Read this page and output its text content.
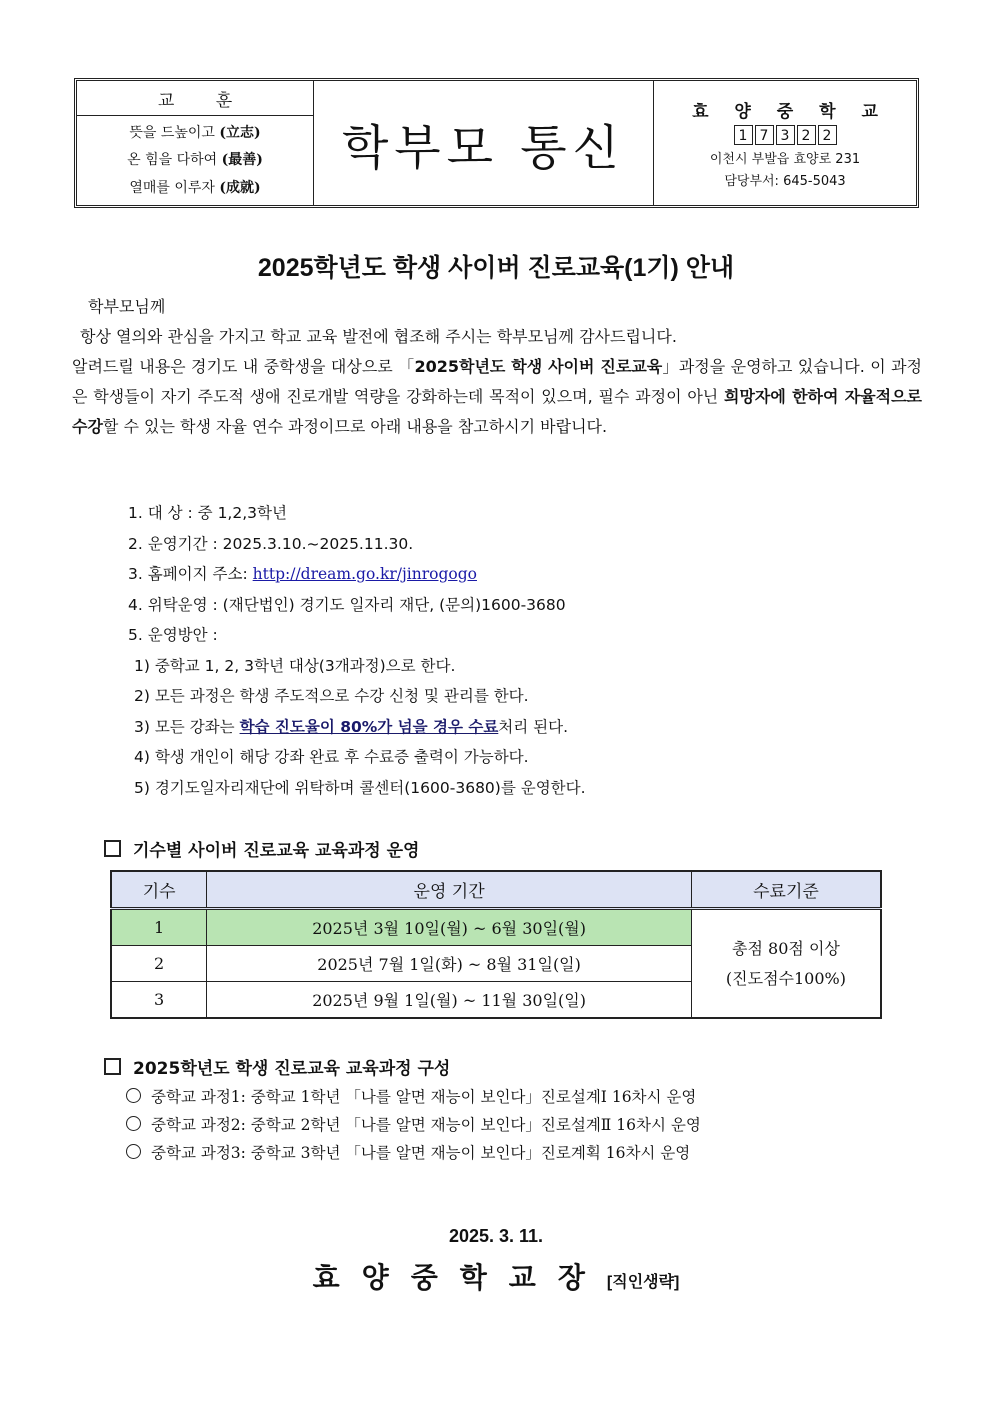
교 훈
뜻을 드높이고 (立志)
온 힘을 다하여 (最善)
열매를 이루자 (成就)
학부모 통신
효 양 중 학 교
1 7 3 2 2
이천시 부발읍 효양로 231
담당부서: 645-5043
2025학년도 학생 사이버 진로교육(1기) 안내
학부모님께
항상 열의와 관심을 가지고 학교 교육 발전에 협조해 주시는 학부모님께 감사드립니다.
알려드릴 내용은 경기도 내 중학생을 대상으로 「2025학년도 학생 사이버 진로교육」과정을 운영하고 있습니다. 이 과정은 학생들이 자기 주도적 생애 진로개발 역량을 강화하는데 목적이 있으며, 필수 과정이 아닌 희망자에 한하여 자율적으로 수강할 수 있는 학생 자율 연수 과정이므로 아래 내용을 참고하시기 바랍니다.
1. 대 상 : 중 1,2,3학년
2. 운영기간 : 2025.3.10.~2025.11.30.
3. 홈페이지 주소: http://dream.go.kr/jinrogogo
4. 위탁운영 : (재단법인) 경기도 일자리 재단, (문의)1600-3680
5. 운영방안 :
1) 중학교 1, 2, 3학년 대상(3개과정)으로 한다.
2) 모든 과정은 학생 주도적으로 수강 신청 및 관리를 한다.
3) 모든 강좌는 학습 진도율이 80%가 넘을 경우 수료처리 된다.
4) 학생 개인이 해당 강좌 완료 후 수료증 출력이 가능하다.
5) 경기도일자리재단에 위탁하며 콜센터(1600-3680)를 운영한다.
기수별 사이버 진로교육 교육과정 운영
기수	운영 기간	수료기준
1	2025년 3월 10일(월) ~ 6월 30일(월)	총점 80점 이상
(진도점수100%)

2	2025년 7월 1일(화) ~ 8월 31일(일)	
3	2025년 9월 1일(월) ~ 11월 30일(일)	
2025학년도 학생 진로교육 교육과정 구성
중학교 과정1: 중학교 1학년 「나를 알면 재능이 보인다」진로설계Ⅰ 16차시 운영
중학교 과정2: 중학교 2학년 「나를 알면 재능이 보인다」진로설계Ⅱ 16차시 운영
중학교 과정3: 중학교 3학년 「나를 알면 재능이 보인다」진로계획 16차시 운영
2025. 3. 11.
효양중학교장[직인생략]
